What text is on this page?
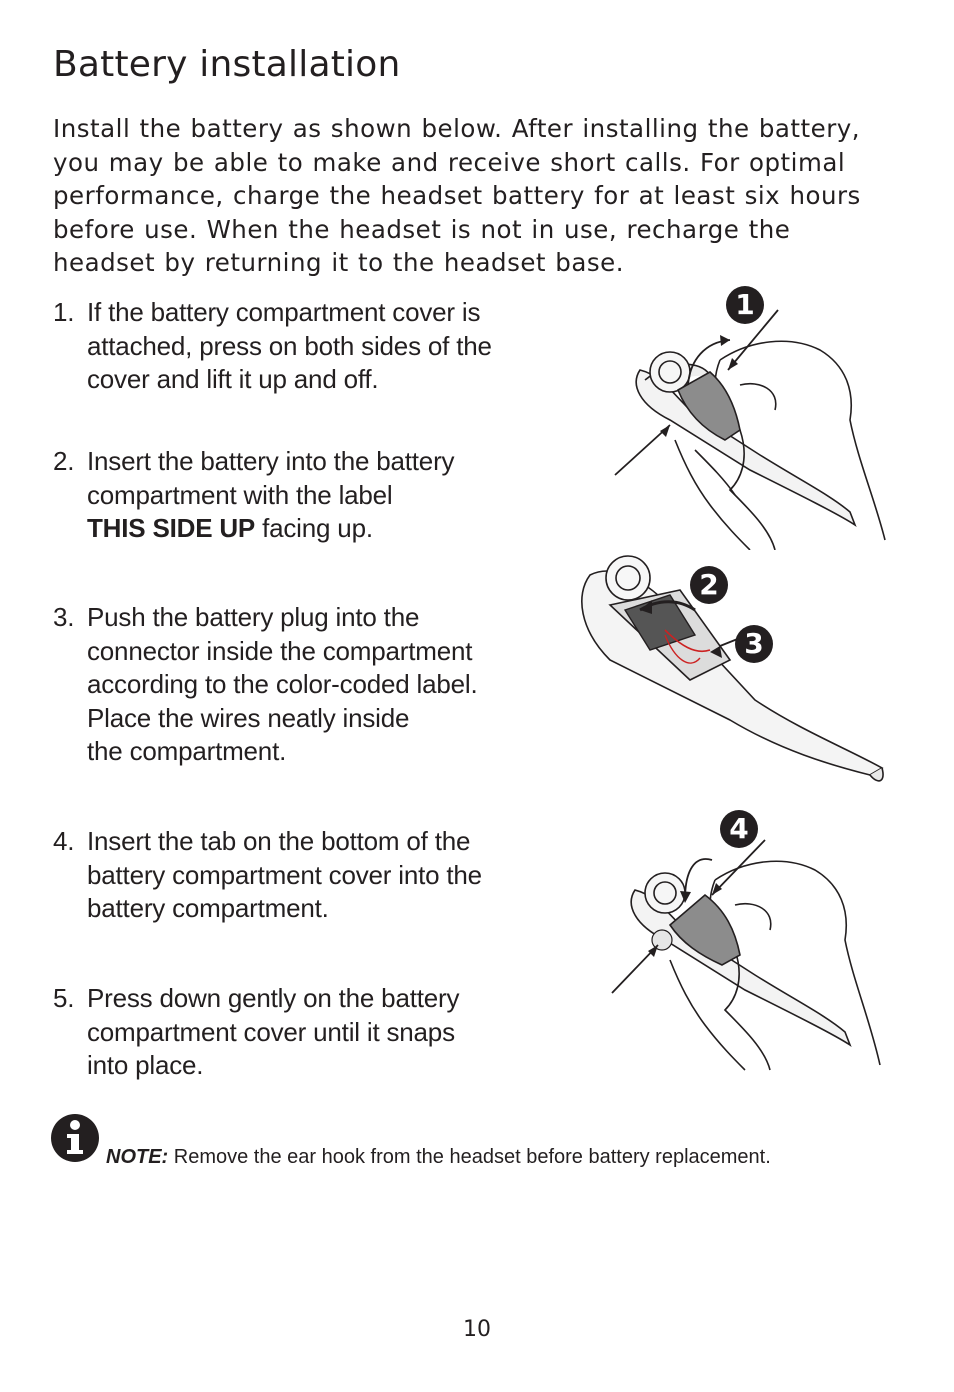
Battery installation
Install the battery as shown below. After installing the battery, you may be able to make and receive short calls. For optimal performance, charge the headset battery for at least six hours before use. When the headset is not in use, recharge the headset by returning it to the headset base.
1. If the battery compartment cover is
attached, press on both sides of the
cover and lift it up and off.
2. Insert the battery into the battery
compartment with the label
THIS SIDE UP facing up.
3. Push the battery plug into the
connector inside the compartment
according to the color-coded label.
Place the wires neatly inside
the compartment.
4. Insert the tab on the bottom of the
battery compartment cover into the
battery compartment.
5. Press down gently on the battery
compartment cover until it snaps
into place.
1
2
3
4
NOTE: Remove the ear hook from the headset before battery replacement.
10
